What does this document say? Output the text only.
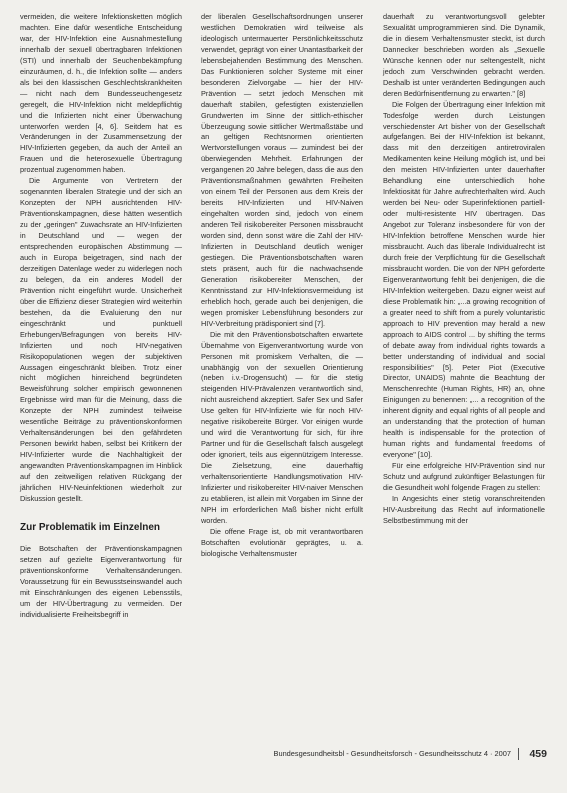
vermeiden, die weitere Infektionsketten möglich machten. Eine dafür wesentliche Entscheidung war, der HIV-Infektion eine Ausnahmestellung innerhalb der sexuell übertragbaren Infektionen (STI) und innerhalb der Seuchenbekämpfung einzuräumen, d. h., die Infektion sollte — anders als bei den klassischen Geschlechtskrankheiten — nicht nach dem Bundesseuchengesetz geregelt, die HIV-Infektion nicht meldepflichtig und die Infizierten nicht einer Überwachung unterworfen werden [4, 6]. Seitdem hat es Veränderungen in der Zusammensetzung der HIV-Infizierten gegeben, da auch der Anteil an Frauen und die heterosexuelle Übertragung prozentual zugenommen haben.

Die Argumente von Vertretern der sogenannten liberalen Strategie und der sich an Konzepten der NPH ausrichtenden HIV-Präventionskampagnen, diese hätten wesentlich zu der „geringen" Zuwachsrate an HIV-Infizierten in Deutschland und — wegen der entsprechenden europäischen Abstimmung — auch in Europa beigetragen, sind nach der derzeitigen Datenlage weder zu widerlegen noch zu belegen, da ein anderes Modell der Prävention nicht eingeführt wurde. Unsicherheit über die Effizienz dieser Strategien wird weiterhin bestehen, da die Evaluierung den nur eingeschränkt und punktuell Erhebungen/Befragungen von bereits HIV-Infizierten und noch HIV-negativen Risikopopulationen wegen der subjektiven Aussagen eingeschränkt bleiben. Trotz einer nicht möglichen hinreichend begründeten Beweisführung solcher empirisch gewonnenen Ergebnisse wird man für die Meinung, dass die Konzepte der NPH zumindest teilweise wesentliche Beiträge zu präventionskonformen Verhaltensänderungen bei den gefährdeten Personen bewirkt haben, selbst bei Kritikern der HIV-Infizierter wurde die Nachhaltigkeit der angewandten Präventionskampagnen im Hinblick auf den zeitweiligen relativen Rückgang der jährlichen HIV-Neuinfektionen wiederholt zur Diskussion gestellt.

Zur Problematik im Einzelnen

Die Botschaften der Präventionskampagnen setzen auf gezielte Eigenverantwortung für präventionskonforme Verhaltensänderungen. Voraussetzung für ein Bewusstseinswandel auch mit Einschränkungen des eigenen Lebensstils, um der HIV-Übertragung zu vermeiden. Der individualisierte Freiheitsbegriff in

der liberalen Gesellschaftsordnungen unserer westlichen Demokratien wird teilweise als ideologisch untermauerter Persönlichkeitsschutz verwendet, geprägt von einer Unantastbarkeit der lebensbejahenden Bestimmung des Menschen. Das Funktionieren solcher Systeme mit einer besonderen Zielvorgabe — hier der HIV-Prävention — setzt jedoch Menschen mit dauerhaft stabilen, gefestigten existenziellen Grundwerten im Sinne der sittlich-ethischer Überzeugung sowie sittlicher Wertmaßstäbe und an geltigen Rechtsnormen orientierten Wertvorstellungen voraus — zumindest bei der überwiegenden Mehrheit. Erfahrungen der vergangenen 20 Jahre belegen, dass die aus den Präventionsmaßnahmen gewährten Freiheiten von einem Teil der Personen aus dem Kreis der bereits HIV-Infizierten und HIV-Naiven eingehalten worden sind, jedoch von einem anderen Teil risikobereiter Personen missbraucht worden sind, denn sonst wäre die Zahl der HIV-Infizierten in Deutschland deutlich weniger gestiegen. Die Präventionsbotschaften waren stets präsent, auch für die nachwachsende Generation risikobereiter Menschen, der Kenntnisstand zur HIV-Infektionsvermeidung ist erheblich hoch, gerade auch bei denjenigen, die wegen promisker Lebensführung besonders zur HIV-Verbreitung prädisponiert sind [7].

Die mit den Präventionsbotschaften erwartete Übernahme von Eigenverantwortung wurde von Personen mit promiskem Verhalten, die — unabhängig von der sexuellen Orientierung (neben i.v.-Drogensucht) — für die stetig steigenden HIV-Prävalenzen verantwortlich sind, nicht ausreichend akzeptiert. Safer Sex und Safer Use gelten für HIV-Infizierte wie für noch HIV-negative risikobereite Bürger. Vor einigen wurde und wird die Verantwortung für sich, für ihre Partner und für die Gesellschaft falsch ausgelegt oder ignoriert, teils aus eigennützigem Interesse. Die Zielsetzung, eine dauerhaftig verhaltensorientierte Handlungsmotivation HIV-Infizierter und risikobereiter HIV-naiver Menschen zu etablieren, ist allein mit Vorgaben im Sinne der NPH im erforderlichen Maß bisher nicht erfüllt worden.

Die offene Frage ist, ob mit verantwortbaren Botschaften evolutionär geprägtes, u. a. biologische Verhaltensmuster

dauerhaft zu verantwortungsvoll gelebter Sexualität umprogrammieren sind. Die Dynamik, die in diesem Verhaltensmuster steckt, ist durch Dannecker beschrieben worden als „Sexuelle Wünsche kennen oder nur seltengestellt, nicht jedoch zum Verschwinden gebracht werden. Deshalb ist unter veränderten Bedingungen auch deren Bedürfnisentfernung zu erwarten." [8]

Die Folgen der Übertragung einer Infektion mit Todesfolge werden durch Leistungen verschiedenster Art bisher von der Gesellschaft aufgefangen. Bei der HIV-Infektion ist bekannt, dass mit den derzeitigen antiretroviralen Medikamenten keine Heilung möglich ist, und bei den meisten HIV-Infizierten unter dauerhafter Behandlung eine unterschiedlich hohe Infektiosität für Jahre aufrechterhalten wird. Auch werden bei Neu- oder Superinfektionen partiell- oder multi-resistente HIV übertragen. Das Angebot zur Toleranz insbesondere für von der HIV-Infektion betroffene Menschen wurde hier missbraucht. Auch das liberale Individualrecht ist durch freie der Verpflichtung für die Gesellschaft missbraucht worden. Die von der NPH geforderte Eigenverantwortung fehlt bei denjenigen, die die HIV-Infektion weitergeben. Dazu eigner weist auf diese Problematik hin: „...a growing recognition of a greater need to shift from a purely voluntaristic approach to HIV prevention may herald a new approach to AIDS control ... by shifting the terms of debate away from individual rights towards a better understanding of individual and social responsibilities" [5]. Peter Piot (Executive Director, UNAIDS) mahnte die Beachtung der Menschenrechte (Human Rights, HR) an, ohne Einigungen zu benennen: „... a recognition of the inherent dignity and equal rights of all people and an understanding that the protection of human health is indispensable for the protection of human rights and fundamental freedoms of everyone" [10].

Für eine erfolgreiche HIV-Prävention sind nur Schutz und aufgrund zukünftiger Belastungen für die Gesundheit wohl folgende Fragen zu stellen:

In Angesichts einer stetig voranschreitenden HIV-Ausbreitung das Recht auf informationelle Selbstbestimmung mit der

Bundesgesundheitsbl - Gesundheitsforsch - Gesundheitsschutz 4 · 2007 459
